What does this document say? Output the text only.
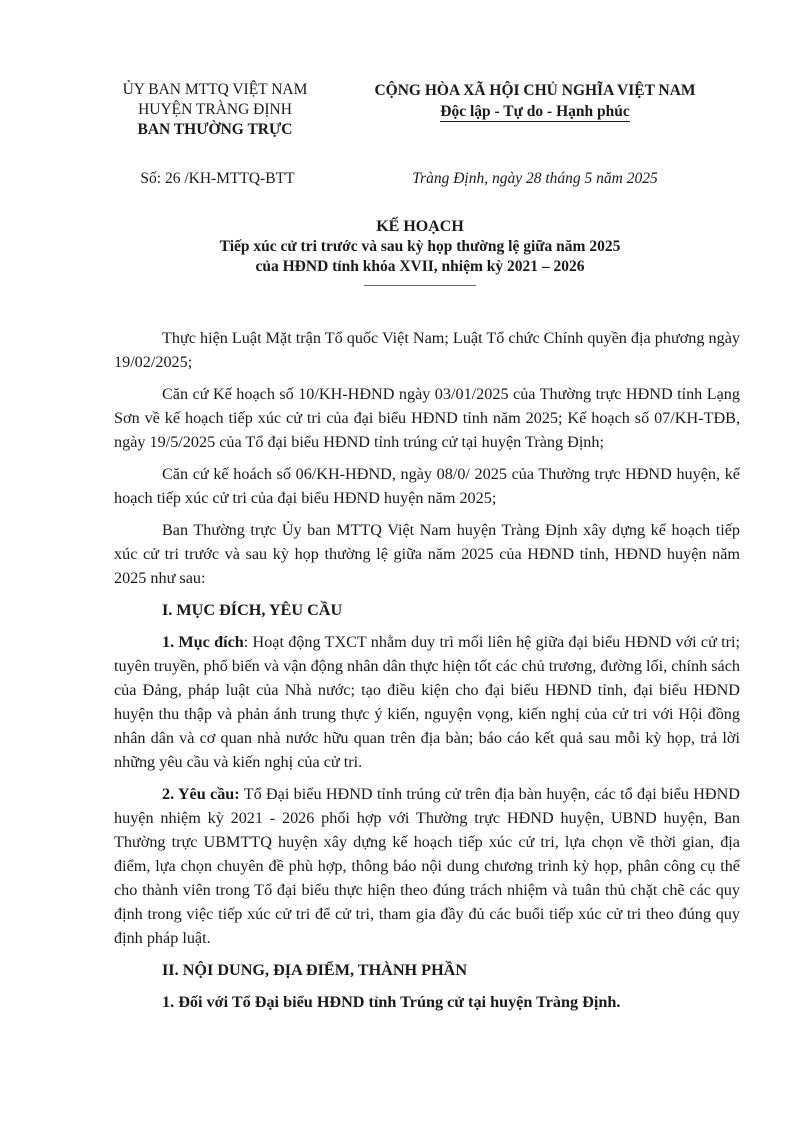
ỦY BAN MTTQ VIỆT NAM
HUYỆN TRÀNG ĐỊNH
BAN THƯỜNG TRỰC
CỘNG HÒA XÃ HỘI CHỦ NGHĨA VIỆT NAM
Độc lập - Tự do - Hạnh phúc
Số: 26 /KH-MTTQ-BTT	Tràng Định, ngày 28 tháng 5 năm 2025
KẾ HOẠCH
Tiếp xúc cử tri trước và sau kỳ họp thường lệ giữa năm 2025
của HĐND tỉnh khóa XVII, nhiệm kỳ 2021 – 2026

Thực hiện Luật Mặt trận Tổ quốc Việt Nam; Luật Tổ chức Chính quyền địa phương ngày 19/02/2025;

Căn cứ Kế hoạch số 10/KH-HĐND ngày 03/01/2025 của Thường trực HĐND tỉnh Lạng Sơn về kế hoạch tiếp xúc cử tri của đại biểu HĐND tỉnh năm 2025; Kế hoạch số 07/KH-TĐB, ngày 19/5/2025 của Tổ đại biểu HĐND tỉnh trúng cử tại huyện Tràng Định;

Căn cứ kế hoách số 06/KH-HĐND, ngày 08/0/ 2025 của Thường trực HĐND huyện, kế hoạch tiếp xúc cử tri của đại biểu HĐND huyện năm 2025;

Ban Thường trực Ủy ban MTTQ Việt Nam huyện Tràng Định xây dựng kế hoạch tiếp xúc cử tri trước và sau kỳ họp thường lệ giữa năm 2025 của HĐND tỉnh, HĐND huyện năm 2025 như sau:

I. MỤC ĐÍCH, YÊU CẦU

1. Mục đích: Hoạt động TXCT nhằm duy trì mối liên hệ giữa đại biểu HĐND với cử tri; tuyên truyền, phổ biến và vận động nhân dân thực hiện tốt các chủ trương, đường lối, chính sách của Đảng, pháp luật của Nhà nước; tạo điều kiện cho đại biểu HĐND tỉnh, đại biểu HĐND huyện thu thập và phản ánh trung thực ý kiến, nguyện vọng, kiến nghị của cử tri với Hội đồng nhân dân và cơ quan nhà nước hữu quan trên địa bàn; báo cáo kết quả sau mỗi kỳ họp, trả lời những yêu cầu và kiến nghị của cử tri.

2. Yêu cầu: Tổ Đại biểu HĐND tỉnh trúng cử trên địa bàn huyện, các tổ đại biểu HĐND huyện nhiệm kỳ 2021 - 2026 phối hợp với Thường trực HĐND huyện, UBND huyện, Ban Thường trực UBMTTQ huyện xây dựng kế hoạch tiếp xúc cử tri, lựa chọn về thời gian, địa điểm, lựa chọn chuyên đề phù hợp, thông báo nội dung chương trình kỳ họp, phân công cụ thể cho thành viên trong Tổ đại biểu thực hiện theo đúng trách nhiệm và tuân thủ chặt chẽ các quy định trong việc tiếp xúc cử tri để cử tri, tham gia đầy đủ các buổi tiếp xúc cử tri theo đúng quy định pháp luật.

II. NỘI DUNG, ĐỊA ĐIỂM, THÀNH PHẦN

1. Đối với Tổ Đại biểu HĐND tỉnh Trúng cử tại huyện Tràng Định.
